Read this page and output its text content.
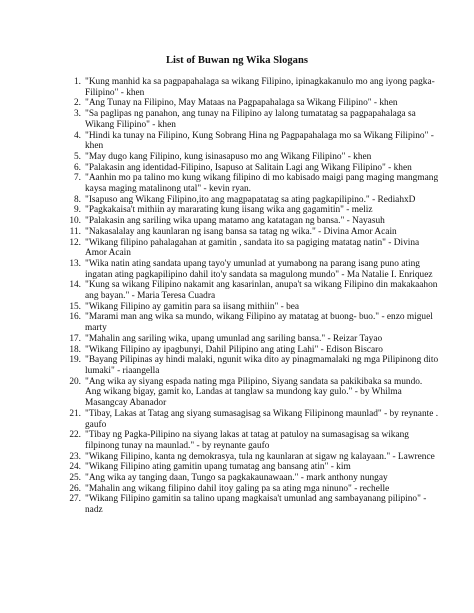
List of Buwan ng Wika Slogans
1. "Kung manhid ka sa pagpapahalaga sa wikang Filipino, ipinagkakanulo mo ang iyong pagka-Filipino" - khen
2. "Ang Tunay na Filipino, May Mataas na Pagpapahalaga sa Wikang Filipino" - khen
3. "Sa paglipas ng panahon, ang tunay na Filipino ay lalong tumatatag sa pagpapahalaga sa Wikang Filipino" - khen
4. "Hindi ka tunay na Filipino, Kung Sobrang Hina ng Pagpapahalaga mo sa Wikang Filipino" - khen
5. "May dugo kang Filipino, kung isinasapuso mo ang Wikang Filipino" - khen
6. "Palakasin ang identidad-Filipino, Isapuso at Salitain Lagi ang Wikang Filipino" - khen
7. "Aanhin mo pa talino mo kung wikang filipino di mo kabisado maigi pang maging mangmang kaysa maging matalinong utal" - kevin ryan.
8. "Isapuso ang Wikang Filipino,ito ang magpapatatag sa ating pagkapilipino." - RediahxD
9. "Pagkakaisa't mithiin ay mararating kung iisang wika ang gagamitin" - meliz
10. "Palakasin ang sariling wika upang matamo ang katatagan ng bansa." - Nayasuh
11. "Nakasalalay ang kaunlaran ng isang bansa sa tatag ng wika." - Divina Amor Acain
12. "Wikang filipino pahalagahan at gamitin , sandata ito sa pagiging matatag natin" - Divina Amor Acain
13. "Wika natin ating sandata upang tayo'y umunlad at yumabong na parang isang puno ating ingatan ating pagkapilipino dahil ito'y sandata sa magulong mundo" - Ma Natalie I. Enriquez
14. "Kung sa wikang Filipino nakamit ang kasarinlan, anupa't sa wikang Filipino din makakaahon ang bayan." - Maria Teresa Cuadra
15. "Wikang Filipino ay gamitin para sa iisang mithiin" - bea
16. "Marami man ang wika sa mundo, wikang Filipino ay matatag at buong- buo." - enzo miguel marty
17. "Mahalin ang sariling wika, upang umunlad ang sariling bansa." - Reizar Tayao
18. "Wikang Filipino ay ipagbunyi, Dahil Pilipino ang ating Lahi" - Edison Biscaro
19. "Bayang Pilipinas ay hindi malaki, ngunit wika dito ay pinagmamalaki ng mga Pilipinong dito lumaki" - riaangella
20. "Ang wika ay siyang espada nating mga Pilipino, Siyang sandata sa pakikibaka sa mundo. Ang wikang bigay, gamit ko, Landas at tanglaw sa mundong kay gulo." - by Whilma Masangcay Abanador
21. "Tibay, Lakas at Tatag ang siyang sumasagisag sa Wikang Filipinong maunlad" - by reynante . gaufo
22. "Tibay ng Pagka-Pilipino na siyang lakas at tatag at patuloy na sumasagisag sa wikang filpinong tunay na maunlad." - by reynante gaufo
23. "Wikang Filipino, kanta ng demokrasya, tula ng kaunlaran at sigaw ng kalayaan." - Lawrence
24. "Wikang Filipino ating gamitin upang tumatag ang bansang atin" - kim
25. "Ang wika ay tanging daan, Tungo sa pagkakaunawaan." - mark anthony nungay
26. "Mahalin ang wikang filipino dahil itoy galing pa sa ating mga ninuno" - rechelle
27. "Wikang Filipino gamitin sa talino upang magkaisa't umunlad ang sambayanang pilipino" - nadz
